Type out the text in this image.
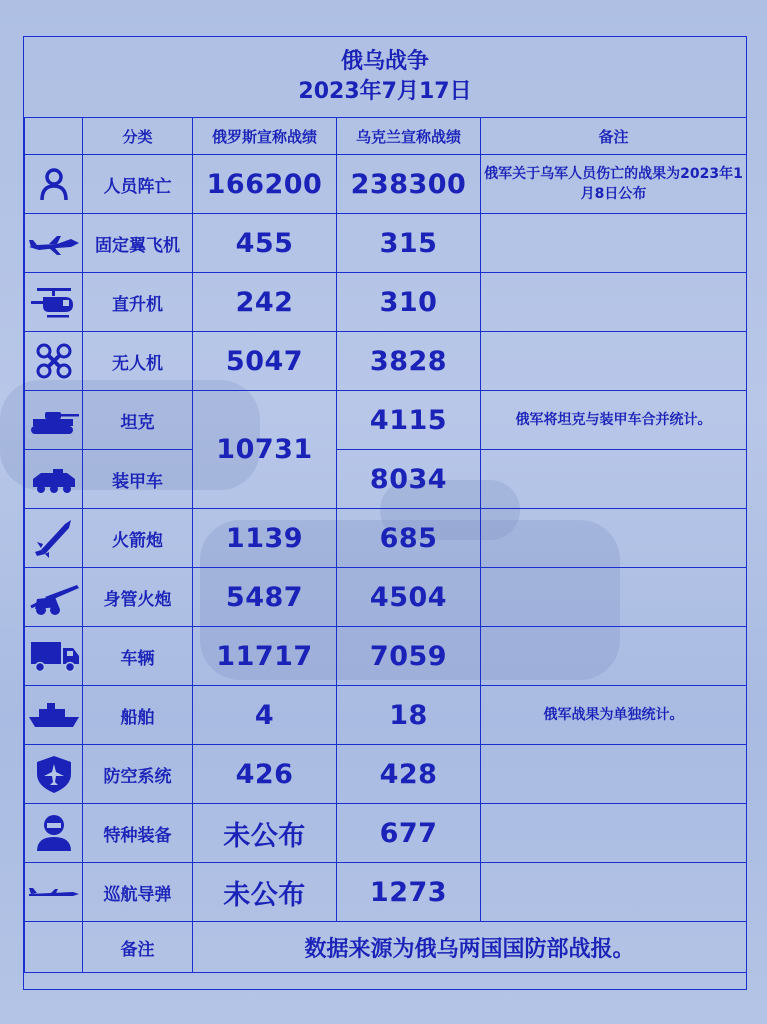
俄乌战争
2023年7月17日
	分类	俄罗斯宣称战绩	乌克兰宣称战绩	备注

	人员阵亡	166200	238300	俄军关于乌军人员伤亡的战果为2023年1月8日公布

	固定翼飞机	455	315	

	直升机	242	310	

	无人机	5047	3828	

	坦克	10731	4115	俄军将坦克与装甲车合并统计。

	装甲车		8034	

	火箭炮	1139	685	

	身管火炮	5487	4504	

	车辆	11717	7059	

	船舶	4	18	俄军战果为单独统计。

	防空系统	426	428	

	特种装备	未公布	677	

	巡航导弹	未公布	1273	
	备注	数据来源为俄乌两国国防部战报。		
